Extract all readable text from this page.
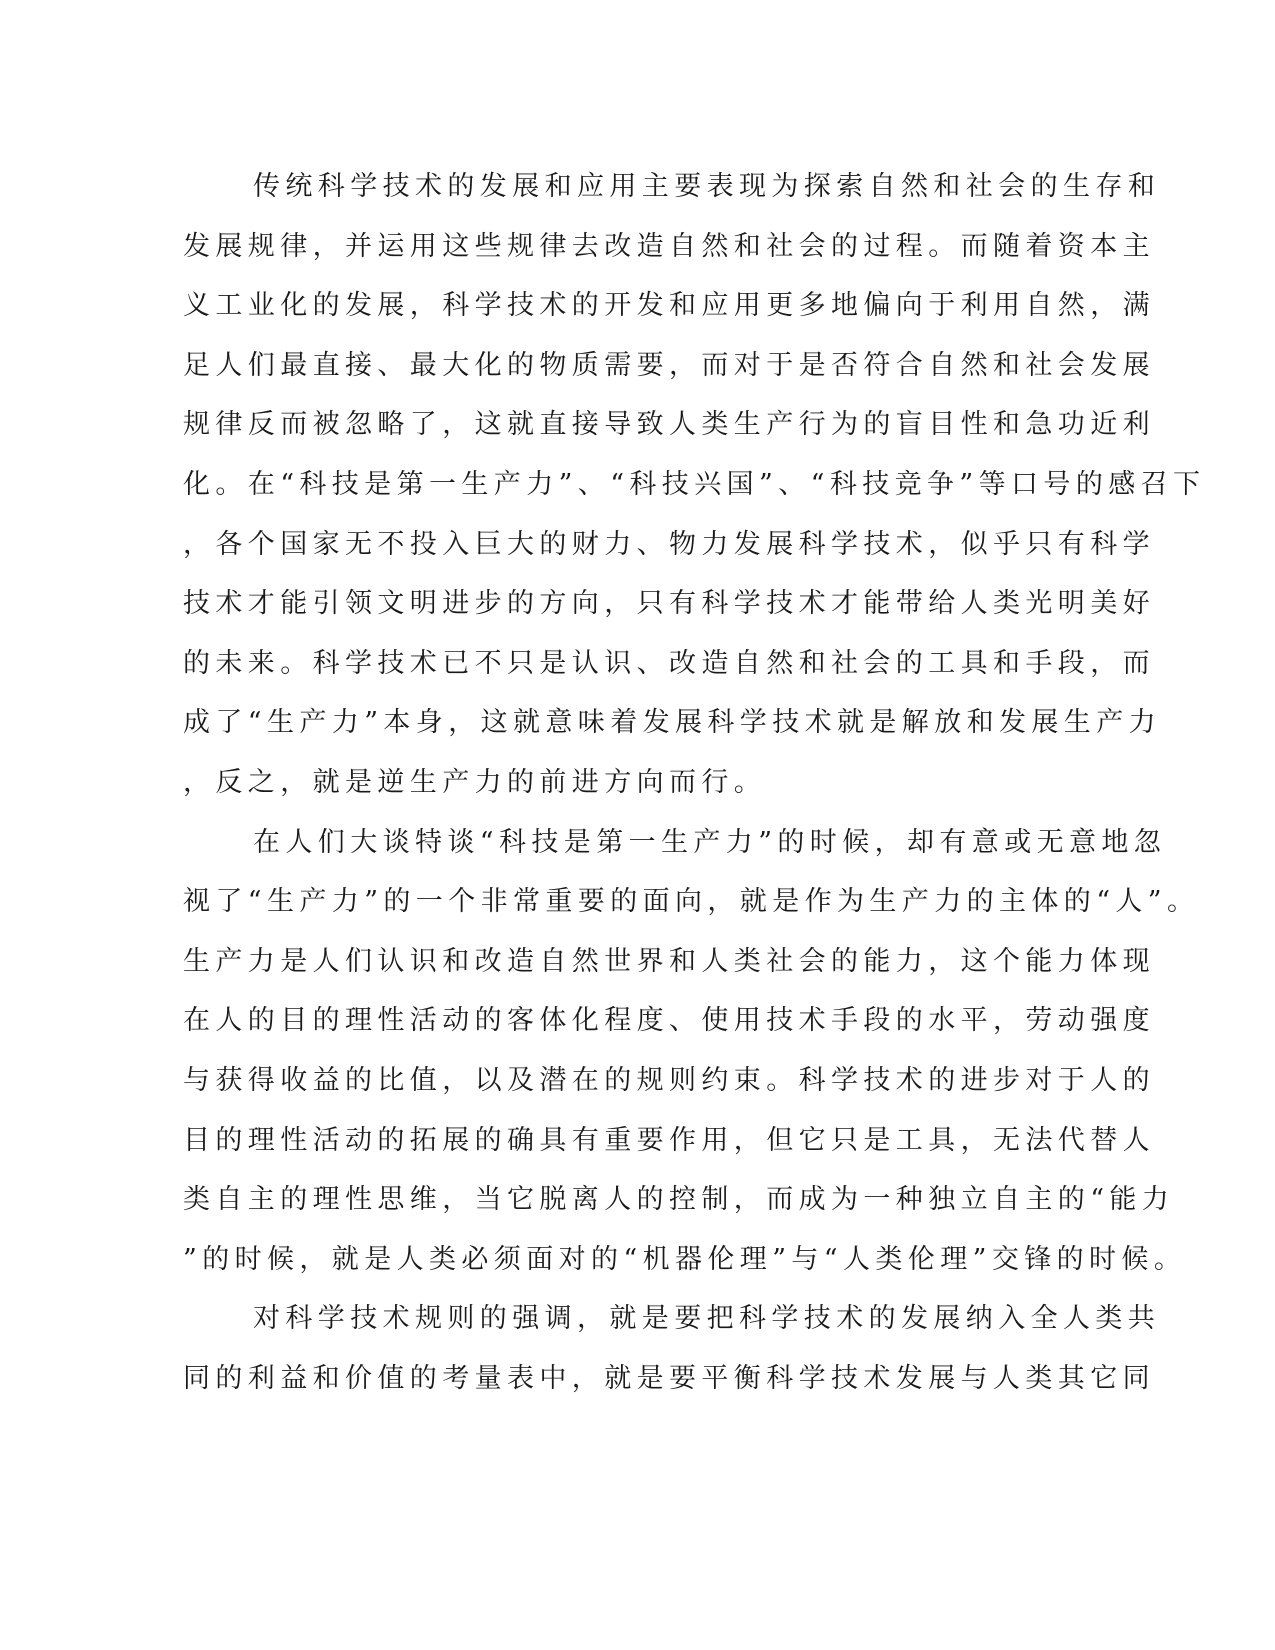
传统科学技术的发展和应用主要表现为探索自然和社会的生存和
发展规律，并运用这些规律去改造自然和社会的过程。而随着资本主
义工业化的发展，科学技术的开发和应用更多地偏向于利用自然，满
足人们最直接、最大化的物质需要，而对于是否符合自然和社会发展
规律反而被忽略了，这就直接导致人类生产行为的盲目性和急功近利
化。在“科技是第一生产力”、“科技兴国”、“科技竞争”等口号的感召下
，各个国家无不投入巨大的财力、物力发展科学技术，似乎只有科学
技术才能引领文明进步的方向，只有科学技术才能带给人类光明美好
的未来。科学技术已不只是认识、改造自然和社会的工具和手段，而
成了“生产力”本身，这就意味着发展科学技术就是解放和发展生产力
，反之，就是逆生产力的前进方向而行。
在人们大谈特谈“科技是第一生产力”的时候，却有意或无意地忽
视了“生产力”的一个非常重要的面向，就是作为生产力的主体的“人”。
生产力是人们认识和改造自然世界和人类社会的能力，这个能力体现
在人的目的理性活动的客体化程度、使用技术手段的水平，劳动强度
与获得收益的比值，以及潜在的规则约束。科学技术的进步对于人的
目的理性活动的拓展的确具有重要作用，但它只是工具，无法代替人
类自主的理性思维，当它脱离人的控制，而成为一种独立自主的“能力
”的时候，就是人类必须面对的“机器伦理”与“人类伦理”交锋的时候。
对科学技术规则的强调，就是要把科学技术的发展纳入全人类共
同的利益和价值的考量表中，就是要平衡科学技术发展与人类其它同
